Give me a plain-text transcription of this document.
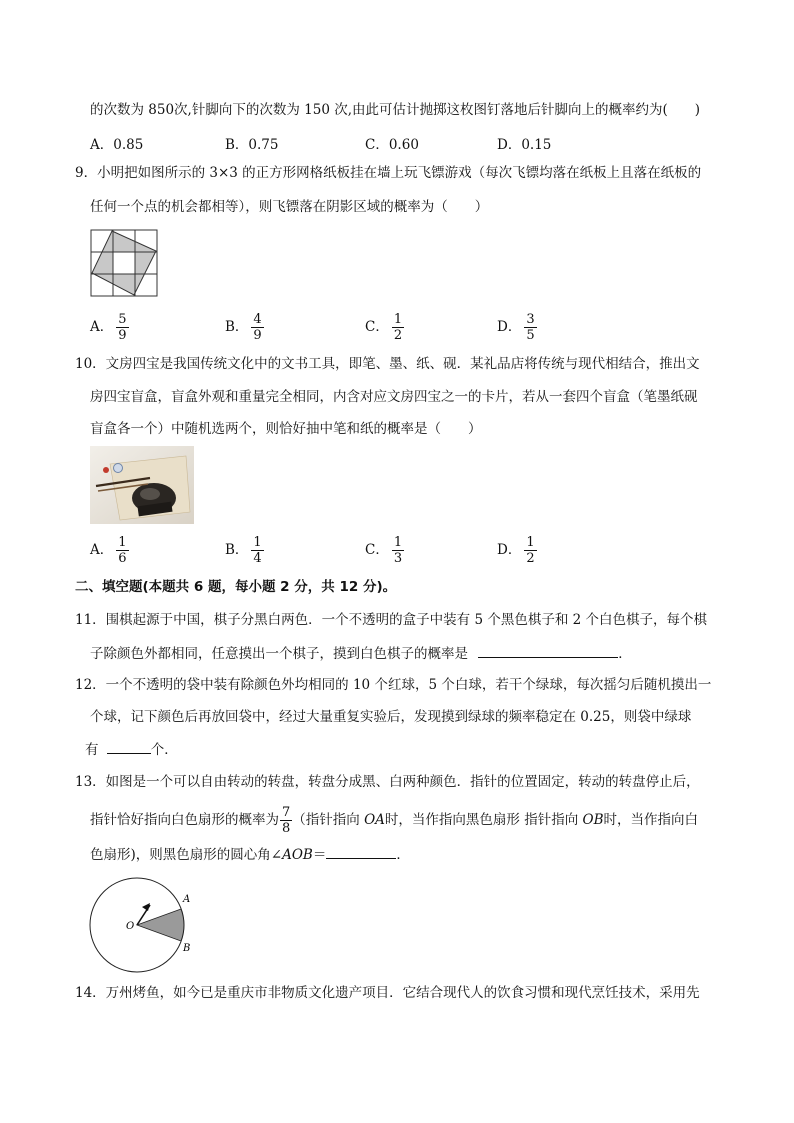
的次数为 850次,针脚向下的次数为 150 次,由此可估计抛掷这枚图钉落地后针脚向上的概率约为(　　)
A．0.85	B．0.75	C．0.60	D．0.15
9．小明把如图所示的 3×3 的正方形网格纸板挂在墙上玩飞镖游戏（每次飞镖均落在纸板上且落在纸板的
任何一个点的机会都相等），则飞镖落在阴影区域的概率为（　　）
A． $\frac{5}{9}$	B． $\frac{4}{9}$	C． $\frac{1}{2}$	D． $\frac{3}{5}$
10．文房四宝是我国传统文化中的文书工具，即笔、墨、纸、砚．某礼品店将传统与现代相结合，推出文
房四宝盲盒，盲盒外观和重量完全相同，内含对应文房四宝之一的卡片，若从一套四个盲盒（笔墨纸砚
盲盒各一个）中随机选两个，则恰好抽中笔和纸的概率是（　　）
A． $\frac{1}{6}$	B． $\frac{1}{4}$	C． $\frac{1}{3}$	D． $\frac{1}{2}$
二、填空题(本题共 6 题，每小题 2 分，共 12 分)。
11．围棋起源于中国，棋子分黑白两色．一个不透明的盒子中装有 5 个黑色棋子和 2 个白色棋子，每个棋
子除颜色外都相同，任意摸出一个棋子，摸到白色棋子的概率是	．
12．一个不透明的袋中装有除颜色外均相同的 10 个红球，5 个白球，若干个绿球，每次摇匀后随机摸出一
个球，记下颜色后再放回袋中，经过大量重复实验后，发现摸到绿球的频率稳定在 0.25，则袋中绿球
有	个．
13．如图是一个可以自由转动的转盘，转盘分成黑、白两种颜色．指针的位置固定，转动的转盘停止后，
指针恰好指向白色扇形的概率为 $\frac{7}{8}$ （指针指向 OA时，当作指向黑色扇形 指针指向 OB时，当作指向白
色扇形)，则黑色扇形的圆心角∠AOB＝	．
O
A
B
14．万州烤鱼，如今已是重庆市非物质文化遗产项目．它结合现代人的饮食习惯和现代烹饪技术，采用先
